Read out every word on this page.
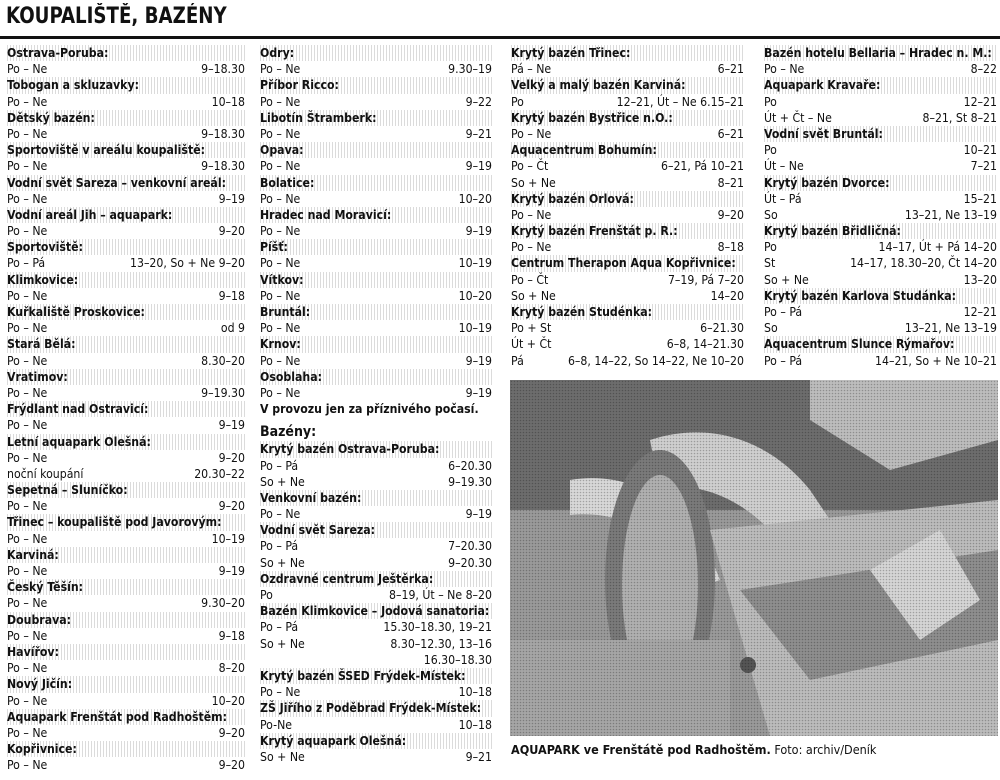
KOUPALIŠTĚ, BAZÉNY
Ostrava-Poruba:
Po – Ne	9–18.30
Tobogan a skluzavky:
Po – Ne	10–18
Dětský bazén:
Po – Ne	9–18.30
Sportoviště v areálu koupaliště:
Po – Ne	9–18.30
Vodní svět Sareza – venkovní areál:
Po – Ne	9–19
Vodní areál Jih – aquapark:
Po – Ne	9–20
Sportoviště:
Po – Pá	13–20, So + Ne 9–20
Klimkovice:
Po – Ne	9–18
Kuřkaliště Proskovice:
Po – Ne	od 9
Stará Bělá:
Po – Ne	8.30–20
Vratimov:
Po – Ne	9–19.30
Frýdlant nad Ostravicí:
Po – Ne	9–19
Letní aquapark Olešná:
Po – Ne	9–20
noční koupání	20.30–22
Sepetná – Sluníčko:
Po – Ne	9–20
Třinec – koupaliště pod Javorovým:
Po – Ne	10–19
Karviná:
Po – Ne	9–19
Český Těšín:
Po – Ne	9.30–20
Doubrava:
Po – Ne	9–18
Havířov:
Po – Ne	8–20
Nový Jičín:
Po – Ne	10–20
Aquapark Frenštát pod Radhoštěm:
Po – Ne	9–20
Kopřivnice:
Po – Ne	9–20
Odry:
Po – Ne	9.30–19
Příbor Ricco:
Po – Ne	9–22
Libotín Štramberk:
Po – Ne	9–21
Opava:
Po – Ne	9–19
Bolatice:
Po – Ne	10–20
Hradec nad Moravicí:
Po – Ne	9–19
Píšť:
Po – Ne	10–19
Vítkov:
Po – Ne	10–20
Bruntál:
Po – Ne	10–19
Krnov:
Po – Ne	9–19
Osoblaha:
Po – Ne	9–19
V provozu jen za příznivého počasí.
Bazény:
Krytý bazén Ostrava-Poruba:
Po – Pá	6–20.30
So + Ne	9–19.30
Venkovní bazén:
Po – Ne	9–19
Vodní svět Sareza:
Po – Pá	7–20.30
So + Ne	9–20.30
Ozdravné centrum Ještěrka:
Po	8–19, Út – Ne 8–20
Bazén Klimkovice – Jodová sanatoria:
Po – Pá	15.30–18.30, 19–21
So + Ne	8.30–12.30, 13–16
16.30–18.30
Krytý bazén ŠSED Frýdek-Místek:
Po – Ne	10–18
ZŠ Jiřího z Poděbrad Frýdek-Místek:
Po-Ne	10–18
Krytý aquapark Olešná:
So + Ne	9–21
Krytý bazén Třinec:
Pá – Ne	6–21
Velký a malý bazén Karviná:
Po	12–21, Út – Ne 6.15–21
Krytý bazén Bystřice n.O.:
Po – Ne	6–21
Aquacentrum Bohumín:
Po – Čt	6–21, Pá 10–21
So + Ne	8–21
Krytý bazén Orlová:
Po – Ne	9–20
Krytý bazén Frenštát p. R.:
Po – Ne	8–18
Centrum Therapon Aqua Kopřivnice:
Po – Čt	7–19, Pá 7–20
So + Ne	14–20
Krytý bazén Studénka:
Po + St	6–21.30
Út + Čt	6–8, 14–21.30
Pá	6–8, 14–22, So 14–22, Ne 10–20
Bazén hotelu Bellaria – Hradec n. M.:
Po – Ne	8–22
Aquapark Kravaře:
Po	12–21
Út + Čt – Ne	8–21, St 8–21
Vodní svět Bruntál:
Po	10–21
Út – Ne	7–21
Krytý bazén Dvorce:
Út – Pá	15–21
So	13–21, Ne 13–19
Krytý bazén Břidličná:
Po	14–17, Út + Pá 14–20
St	14–17, 18.30–20, Čt 14–20
So + Ne	13–20
Krytý bazén Karlova Studánka:
Po – Pá	12–21
So	13–21, Ne 13–19
Aquacentrum Slunce Rýmařov:
Po – Pá	14–21, So + Ne 10–21
AQUAPARK ve Frenštátě pod Radhoštěm. Foto: archiv/Deník
